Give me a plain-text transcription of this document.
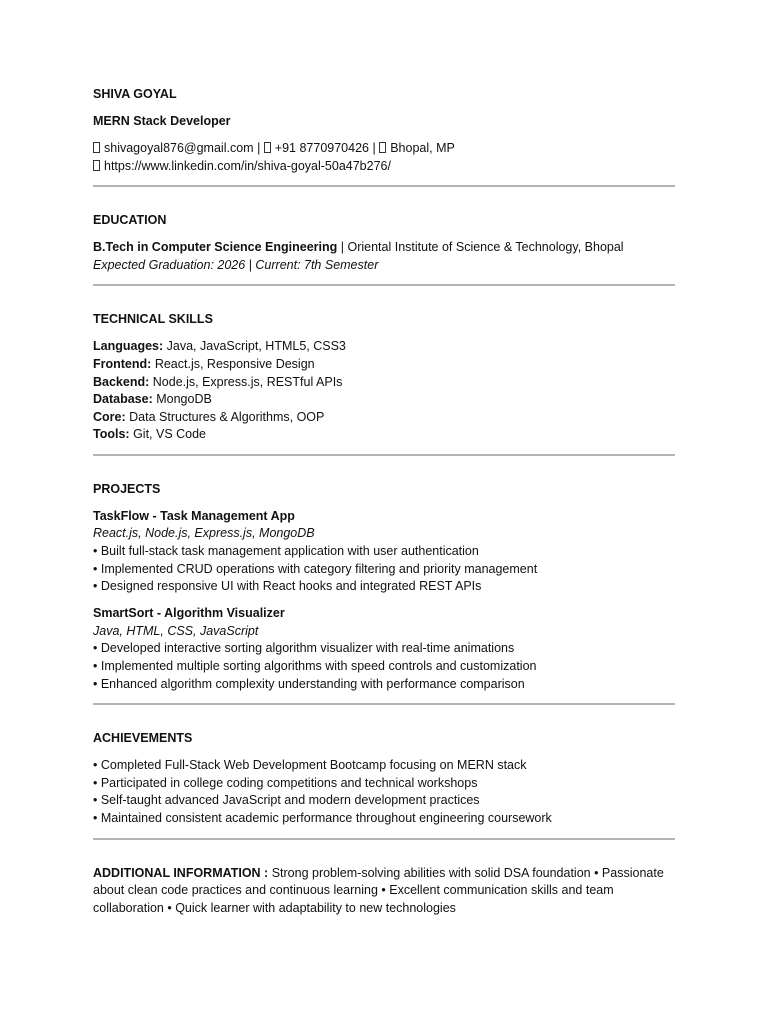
SHIVA GOYAL
MERN Stack Developer
shivagoyal876@gmail.com | +91 8770970426 | Bhopal, MP
https://www.linkedin.com/in/shiva-goyal-50a47b276/
EDUCATION
B.Tech in Computer Science Engineering | Oriental Institute of Science & Technology, Bhopal
Expected Graduation: 2026 | Current: 7th Semester
TECHNICAL SKILLS
Languages: Java, JavaScript, HTML5, CSS3
Frontend: React.js, Responsive Design
Backend: Node.js, Express.js, RESTful APIs
Database: MongoDB
Core: Data Structures & Algorithms, OOP
Tools: Git, VS Code
PROJECTS
TaskFlow - Task Management App
React.js, Node.js, Express.js, MongoDB
• Built full-stack task management application with user authentication
• Implemented CRUD operations with category filtering and priority management
• Designed responsive UI with React hooks and integrated REST APIs
SmartSort - Algorithm Visualizer
Java, HTML, CSS, JavaScript
• Developed interactive sorting algorithm visualizer with real-time animations
• Implemented multiple sorting algorithms with speed controls and customization
• Enhanced algorithm complexity understanding with performance comparison
ACHIEVEMENTS
• Completed Full-Stack Web Development Bootcamp focusing on MERN stack
• Participated in college coding competitions and technical workshops
• Self-taught advanced JavaScript and modern development practices
• Maintained consistent academic performance throughout engineering coursework
ADDITIONAL INFORMATION : Strong problem-solving abilities with solid DSA foundation • Passionate about clean code practices and continuous learning • Excellent communication skills and team collaboration • Quick learner with adaptability to new technologies
